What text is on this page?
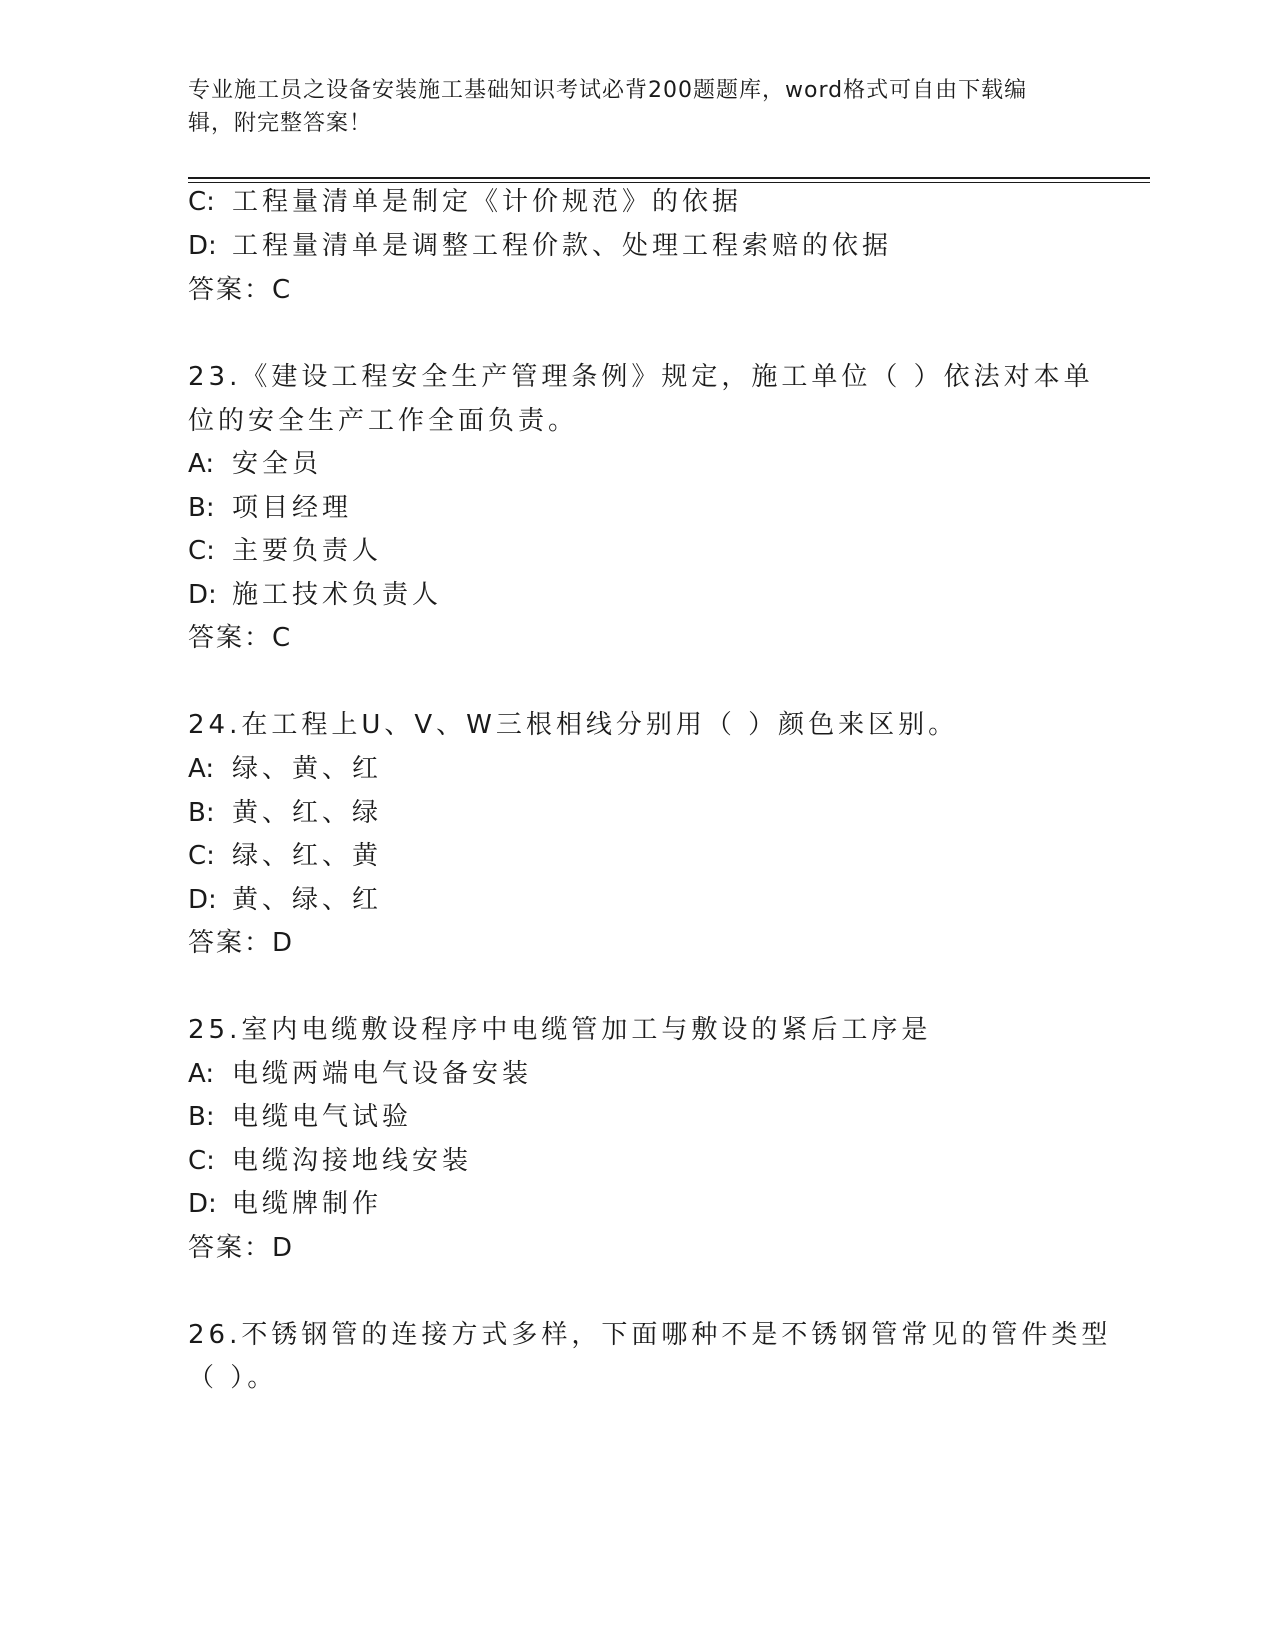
专业施工员之设备安装施工基础知识考试必背200题题库，word格式可自由下载编辑，附完整答案！
C: 工程量清单是制定《计价规范》的依据
D: 工程量清单是调整工程价款、处理工程索赔的依据
答案：C
23.《建设工程安全生产管理条例》规定，施工单位（ ）依法对本单
位的安全生产工作全面负责。
A: 安全员
B: 项目经理
C: 主要负责人
D: 施工技术负责人
答案：C
24.在工程上U、V、W三根相线分别用（ ）颜色来区别。
A: 绿、黄、红
B: 黄、红、绿
C: 绿、红、黄
D: 黄、绿、红
答案：D
25.室内电缆敷设程序中电缆管加工与敷设的紧后工序是
A: 电缆两端电气设备安装
B: 电缆电气试验
C: 电缆沟接地线安装
D: 电缆牌制作
答案：D
26.不锈钢管的连接方式多样，下面哪种不是不锈钢管常见的管件类型
（ ）。
